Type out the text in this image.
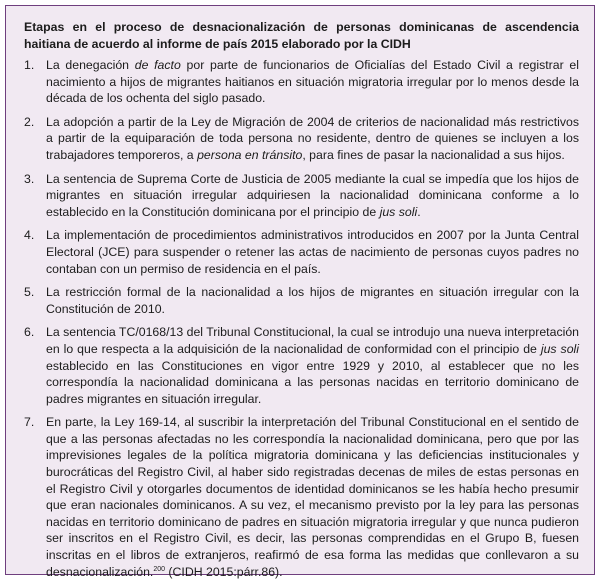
Etapas en el proceso de desnacionalización de personas dominicanas de ascendencia haitiana de acuerdo al informe de país 2015 elaborado por la CIDH
1. La denegación de facto por parte de funcionarios de Oficialías del Estado Civil a registrar el nacimiento a hijos de migrantes haitianos en situación migratoria irregular por lo menos desde la década de los ochenta del siglo pasado.
2. La adopción a partir de la Ley de Migración de 2004 de criterios de nacionalidad más restrictivos a partir de la equiparación de toda persona no residente, dentro de quienes se incluyen a los trabajadores temporeros, a persona en tránsito, para fines de pasar la nacionalidad a sus hijos.
3. La sentencia de Suprema Corte de Justicia de 2005 mediante la cual se impedía que los hijos de migrantes en situación irregular adquiriesen la nacionalidad dominicana conforme a lo establecido en la Constitución dominicana por el principio de jus soli.
4. La implementación de procedimientos administrativos introducidos en 2007 por la Junta Central Electoral (JCE) para suspender o retener las actas de nacimiento de personas cuyos padres no contaban con un permiso de residencia en el país.
5. La restricción formal de la nacionalidad a los hijos de migrantes en situación irregular con la Constitución de 2010.
6. La sentencia TC/0168/13 del Tribunal Constitucional, la cual se introdujo una nueva interpretación en lo que respecta a la adquisición de la nacionalidad de conformidad con el principio de jus soli establecido en las Constituciones en vigor entre 1929 y 2010, al establecer que no les correspondía la nacionalidad dominicana a las personas nacidas en territorio dominicano de padres migrantes en situación irregular.
7. En parte, la Ley 169-14, al suscribir la interpretación del Tribunal Constitucional en el sentido de que a las personas afectadas no les correspondía la nacionalidad dominicana, pero que por las imprevisiones legales de la política migratoria dominicana y las deficiencias institucionales y burocráticas del Registro Civil, al haber sido registradas decenas de miles de estas personas en el Registro Civil y otorgarles documentos de identidad dominicanos se les había hecho presumir que eran nacionales dominicanos. A su vez, el mecanismo previsto por la ley para las personas nacidas en territorio dominicano de padres en situación migratoria irregular y que nunca pudieron ser inscritos en el Registro Civil, es decir, las personas comprendidas en el Grupo B, fuesen inscritas en el libros de extranjeros, reafirmó de esa forma las medidas que conllevaron a su desnacionalización.$^{200}$ (CIDH 2015:párr.86).
